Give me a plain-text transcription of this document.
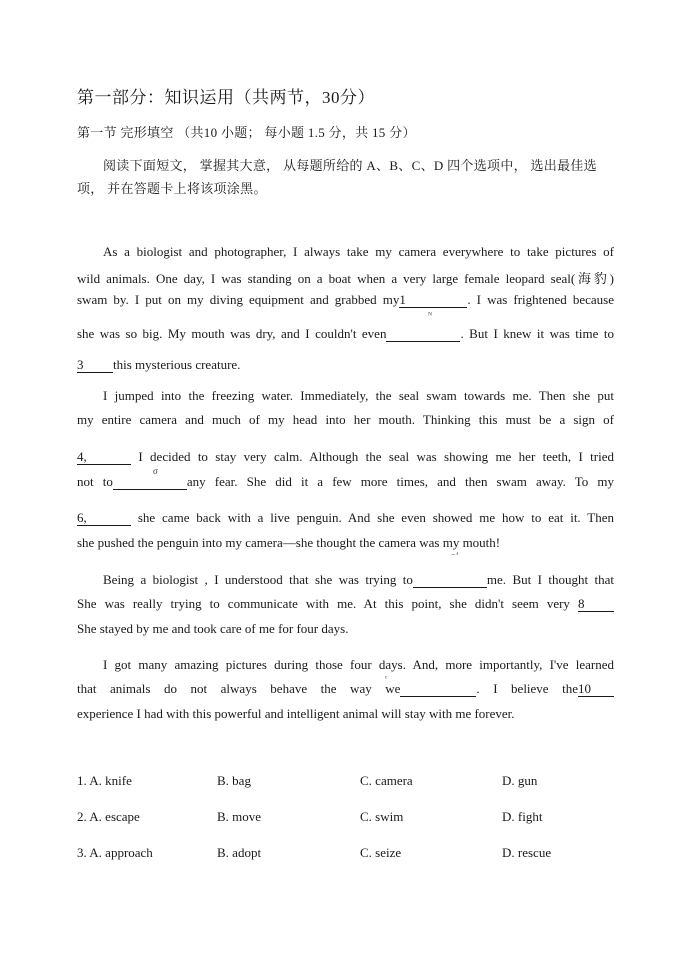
第一部分：知识运用（共两节，30分）
第一节 完形填空 （共10 小题； 每小题 1.5 分，共 15 分）
阅读下面短文， 掌握其大意， 从每题所给的 A、B、C、D 四个选项中， 选出最佳选
项， 并在答题卡上将该项涂黑。
As a biologist and photographer, I always take my camera everywhere to take pictures of
wild animals. One day, I was standing on a boat when a very large female leopard seal(海豹)
swam by. I put on my diving equipment and grabbed my1	. I was frightened because
ᴺ
she was so big. My mouth was dry, and I couldn't even	. But I knew it was time to
3 this mysterious creature.
I jumped into the freezing water. Immediately, the seal swam towards me. Then she put
my entire camera and much of my head into her mouth. Thinking this must be a sign of
4,	I decided to stay very calm. Although the seal was showing me her teeth, I tried
σ
not to	any fear. She did it a few more times, and then swam away. To my
6,	she came back with a live penguin. And she even showed me how to eat it. Then
she pushed the penguin into my camera—she thought the camera was my mouth!
⁻ʼ
Being a biologist , I understood that she was trying to	me. But I thought that
She was really trying to communicate with me. At this point, she didn't seem very 8
She stayed by me and took care of me for four days.
I got many amazing pictures during those four days. And, more importantly, I've learned
ᶜ
that animals do not always behave the way we	. I believe the10
experience I had with this powerful and intelligent animal will stay with me forever.
1. A. knife	B. bag	C. camera	D. gun
2. A. escape	B. move	C. swim	D. fight
3. A. approach	B. adopt	C. seize	D. rescue
